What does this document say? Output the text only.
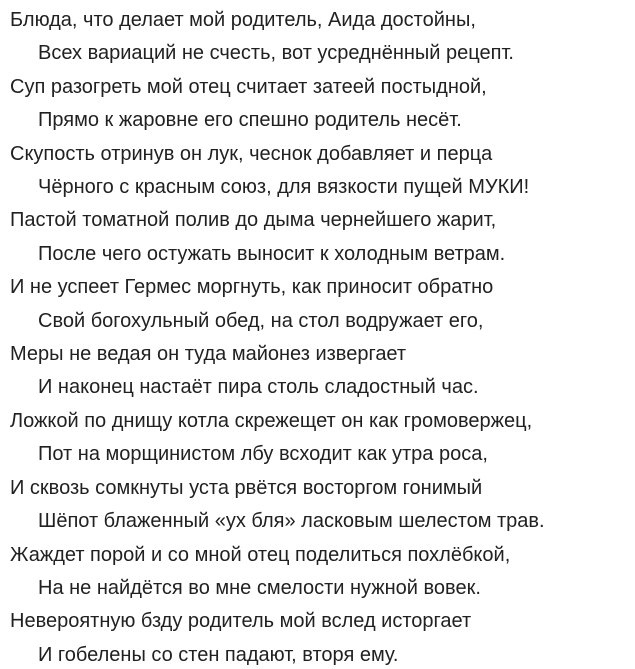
Блюда, что делает мой родитель, Аида достойны,
Всех вариаций не счесть, вот усреднённый рецепт.
Суп разогреть мой отец считает затеей постыдной,
Прямо к жаровне его спешно родитель несёт.
Скупость отринув он лук, чеснок добавляет и перца
Чёрного с красным союз, для вязкости пущей МУКИ!
Пастой томатной полив до дыма чернейшего жарит,
После чего остужать выносит к холодным ветрам.
И не успеет Гермес моргнуть, как приносит обратно
Свой богохульный обед, на стол водружает его,
Меры не ведая он туда майонез извергает
И наконец настаёт пира столь сладостный час.
Ложкой по днищу котла скрежещет он как громовержец,
Пот на морщинистом лбу всходит как утра роса,
И сквозь сомкнуты уста рвётся восторгом гонимый
Шёпот блаженный «ух бля» ласковым шелестом трав.
Жаждет порой и со мной отец поделиться похлёбкой,
На не найдётся во мне смелости нужной вовек.
Невероятную бзду родитель мой вслед исторгает
И гобелены со стен падают, вторя ему.
